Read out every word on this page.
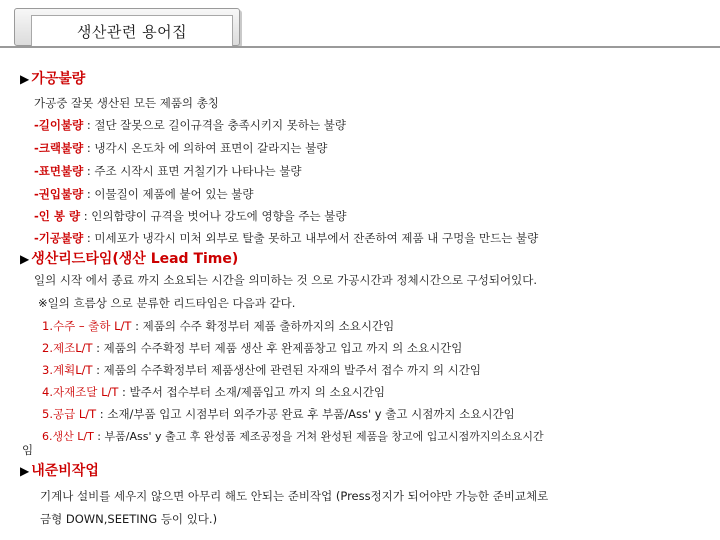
생산관련 용어집
▶ 가공불량
가공중 잘못 생산된 모든 제품의 총칭
-길이불량 : 절단 잘못으로 길이규격을 충족시키지 못하는 불량
-크랙불량 : 냉각시 온도차 에 의하여 표면이 갈라지는 불량
-표면불량 : 주조 시작시 표면 거칠기가 나타나는 불량
-권입불량 : 이물질이 제품에 붙어 있는 불량
-인 봉 량 : 인의함량이 규격을 벗어나 강도에 영향을 주는 불량
-기공불량 : 미세포가 냉각시 미처 외부로 탈출 못하고 내부에서 잔존하여 제품 내 구멍을 만드는 불량
▶ 생산리드타임(생산 Lead Time)
일의 시작 에서 종료 까지 소요되는 시간을 의미하는 것 으로 가공시간과 정체시간으로 구성되어있다.
※일의 흐름상 으로 분류한 리드타임은 다음과 같다.
1.수주 – 출하 L/T : 제품의 수주 확정부터 제품 출하까지의 소요시간임
2.제조L/T : 제품의 수주확정 부터 제품 생산 후 완제품창고 입고 까지 의 소요시간임
3.계획L/T : 제품의 수주확정부터 제품생산에 관련된 자재의 발주서 접수 까지 의 시간임
4.자재조달 L/T : 발주서 접수부터 소재/제품입고 까지 의 소요시간임
5.공급 L/T : 소재/부품 입고 시점부터 외주가공 완료 후 부품/Ass' y 출고 시점까지 소요시간임
6.생산 L/T : 부품/Ass' y 출고 후 완성품 제조공정을 거쳐 완성된 제품을 창고에 입고시점까지의소요시간
임
▶ 내준비작업
기계나 설비를 세우지 않으면 아무리 해도 안되는 준비작업 (Press정지가 되어야만 가능한 준비교체로
금형 DOWN,SEETING 등이 있다.)
